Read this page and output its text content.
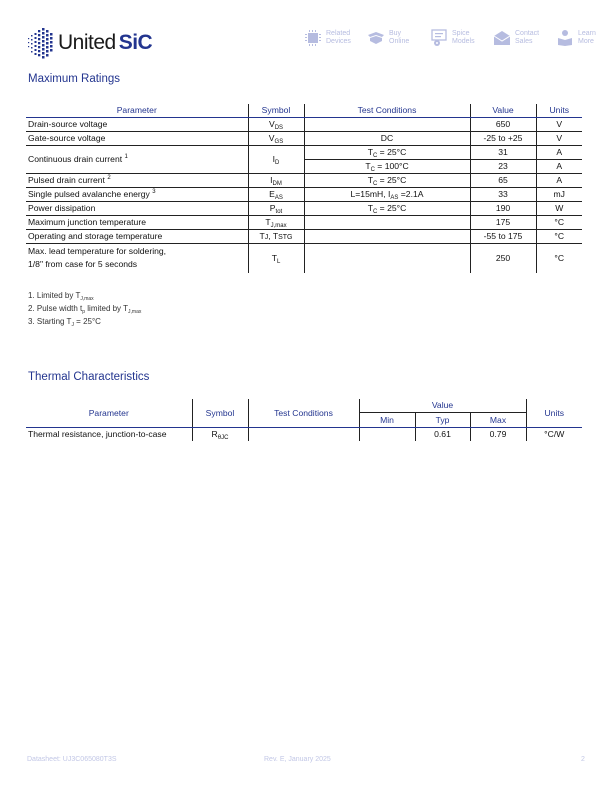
United SiC	Related
Devices
Buy
Online
Spice
Models
Contact
Sales
Learn
More
Maximum Ratings
Parameter	Symbol	Test Conditions	Value	Units
Drain-source voltage	$V_{DS}$		650	V
Gate-source voltage	$V_{GS}$	DC	-25 to +25	V
Continuous drain current $^1$	$I_D$	$T_C = 25^\circ C$	31	A
		$T_C = 100^\circ C$	23	A
Pulsed drain current $^2$	$I_{DM}$	$T_C = 25^\circ C$	65	A
Single pulsed avalanche energy $^3$	$E_{AS}$	L=15mH, $I_{AS} =2.1A$	33	mJ
Power dissipation	$P_{tot}$	$T_C = 25^\circ C$	190	W
Maximum junction temperature	$T_{J,max}$		175	°C
Operating and storage temperature	TJ, TSTG		-55 to 175	°C
Max. lead temperature for soldering,
1/8" from case for 5 seconds	$T_L$		250	°C
1. Limited by $T_{J,max}$
2. Pulse width $t_p$ limited by $T_{J,max}$
3. Starting $T_J = 25^\circ C$
Thermal Characteristics
Parameter	Symbol	Test Conditions	Value			Units
			Min	Typ	Max	
Thermal resistance, junction-to-case	$R_{\theta JC}$			0.61	0.79	°C/W
Datasheet: UJ3C065080T3S	Rev. E, January 2025	2
